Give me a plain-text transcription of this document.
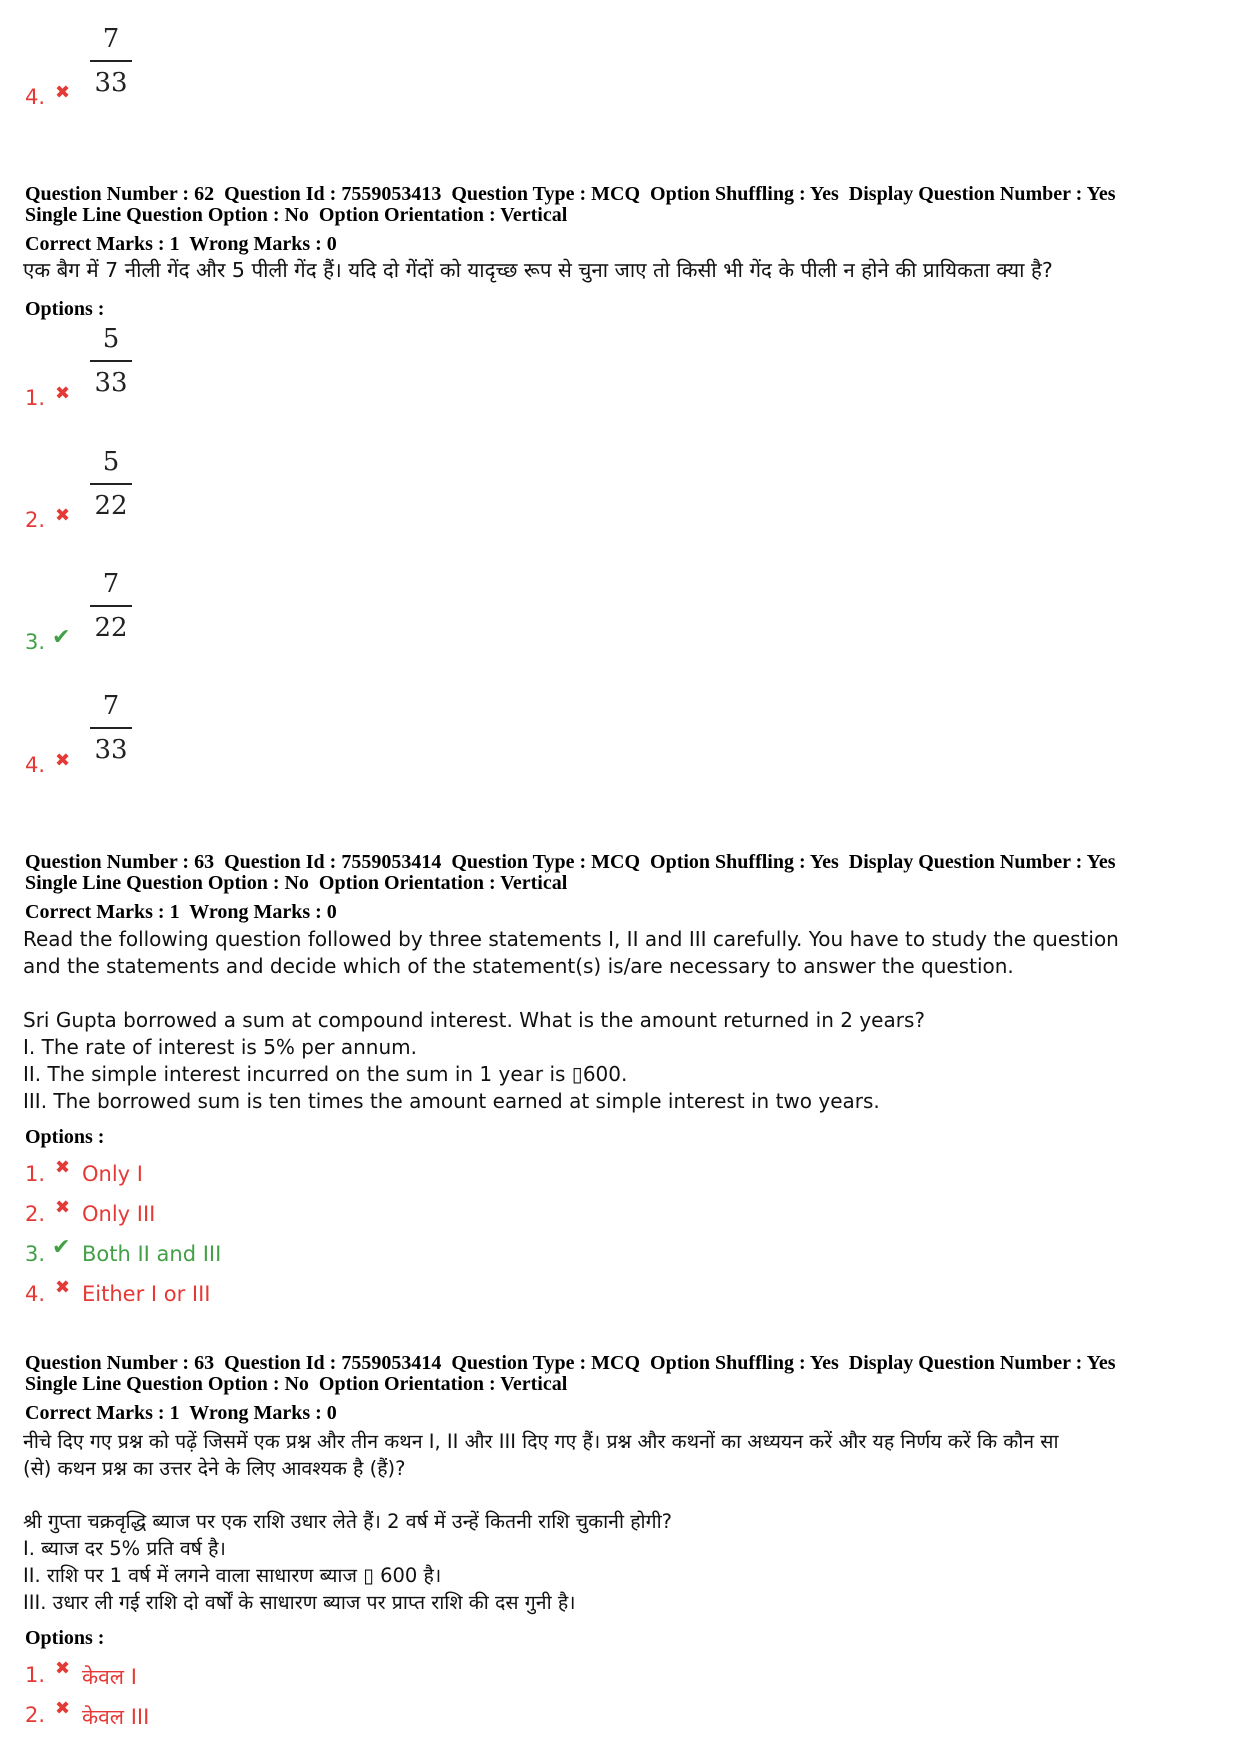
4. ✖
7
33
Question Number : 62  Question Id : 7559053413  Question Type : MCQ  Option Shuffling : Yes  Display Question Number : Yes
Single Line Question Option : No  Option Orientation : Vertical
Correct Marks : 1  Wrong Marks : 0
एक बैग में 7 नीली गेंद और 5 पीली गेंद हैं। यदि दो गेंदों को यादृच्छ रूप से चुना जाए तो किसी भी गेंद के पीली न होने की प्रायिकता क्या है?
Options :
1. ✖
5
33
2. ✖
5
22
3. ✔
7
22
4. ✖
7
33
Question Number : 63  Question Id : 7559053414  Question Type : MCQ  Option Shuffling : Yes  Display Question Number : Yes
Single Line Question Option : No  Option Orientation : Vertical
Correct Marks : 1  Wrong Marks : 0
Read the following question followed by three statements I, II and III carefully. You have to study the question
and the statements and decide which of the statement(s) is/are necessary to answer the question.
Sri Gupta borrowed a sum at compound interest. What is the amount returned in 2 years?
I. The rate of interest is 5% per annum.
II. The simple interest incurred on the sum in 1 year is ▯600.
III. The borrowed sum is ten times the amount earned at simple interest in two years.
Options :
1. ✖ Only I
2. ✖ Only III
3. ✔ Both II and III
4. ✖ Either I or III
Question Number : 63  Question Id : 7559053414  Question Type : MCQ  Option Shuffling : Yes  Display Question Number : Yes
Single Line Question Option : No  Option Orientation : Vertical
Correct Marks : 1  Wrong Marks : 0
नीचे दिए गए प्रश्न को पढ़ें जिसमें एक प्रश्न और तीन कथन I, II और III दिए गए हैं। प्रश्न और कथनों का अध्ययन करें और यह निर्णय करें कि कौन सा
(से) कथन प्रश्न का उत्तर देने के लिए आवश्यक है (हैं)?
श्री गुप्ता चक्रवृद्धि ब्याज पर एक राशि उधार लेते हैं। 2 वर्ष में उन्हें कितनी राशि चुकानी होगी?
I. ब्याज दर 5% प्रति वर्ष है।
II. राशि पर 1 वर्ष में लगने वाला साधारण ब्याज ▯ 600 है।
III. उधार ली गई राशि दो वर्षों के साधारण ब्याज पर प्राप्त राशि की दस गुनी है।
Options :
1. ✖ केवल I
2. ✖ केवल III
